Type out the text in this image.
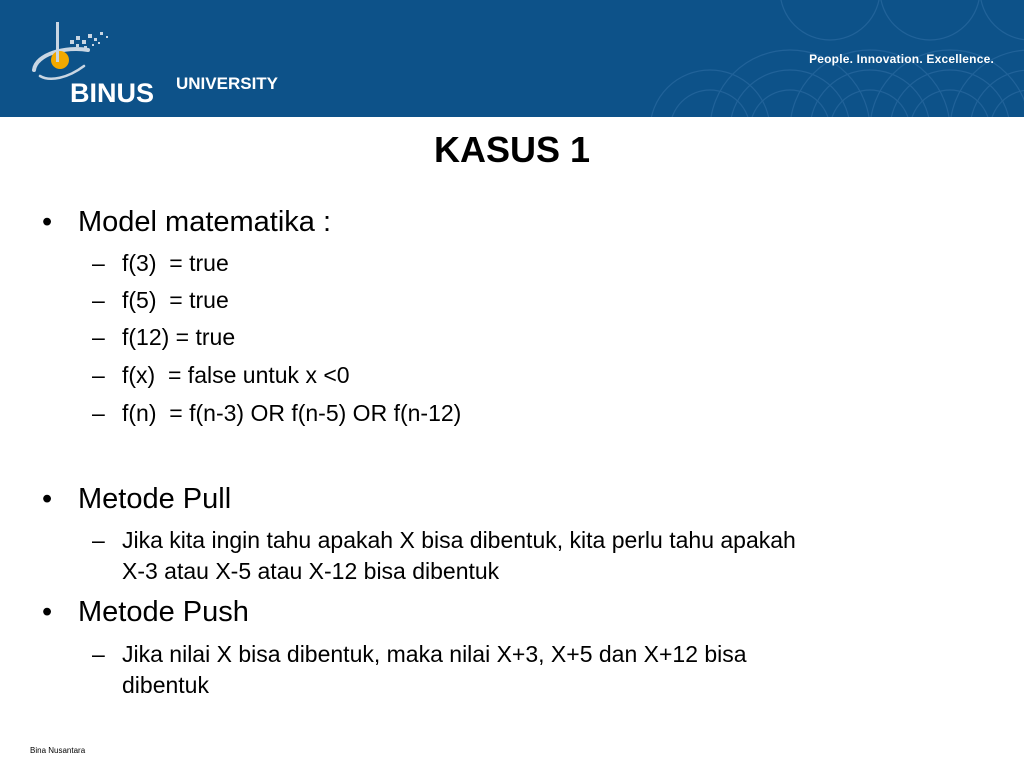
BINUS UNIVERSITY
People. Innovation. Excellence.
KASUS 1
• Model matematika :
– f(3)  = true
– f(5)  = true
– f(12) = true
– f(x)  = false untuk x <0
– f(n)  = f(n-3) OR f(n-5) OR f(n-12)
• Metode Pull
– Jika kita ingin tahu apakah X bisa dibentuk, kita perlu tahu apakah
X-3 atau X-5 atau X-12 bisa dibentuk
• Metode Push
– Jika nilai X bisa dibentuk, maka nilai X+3, X+5 dan X+12 bisa
dibentuk
Bina Nusantara
